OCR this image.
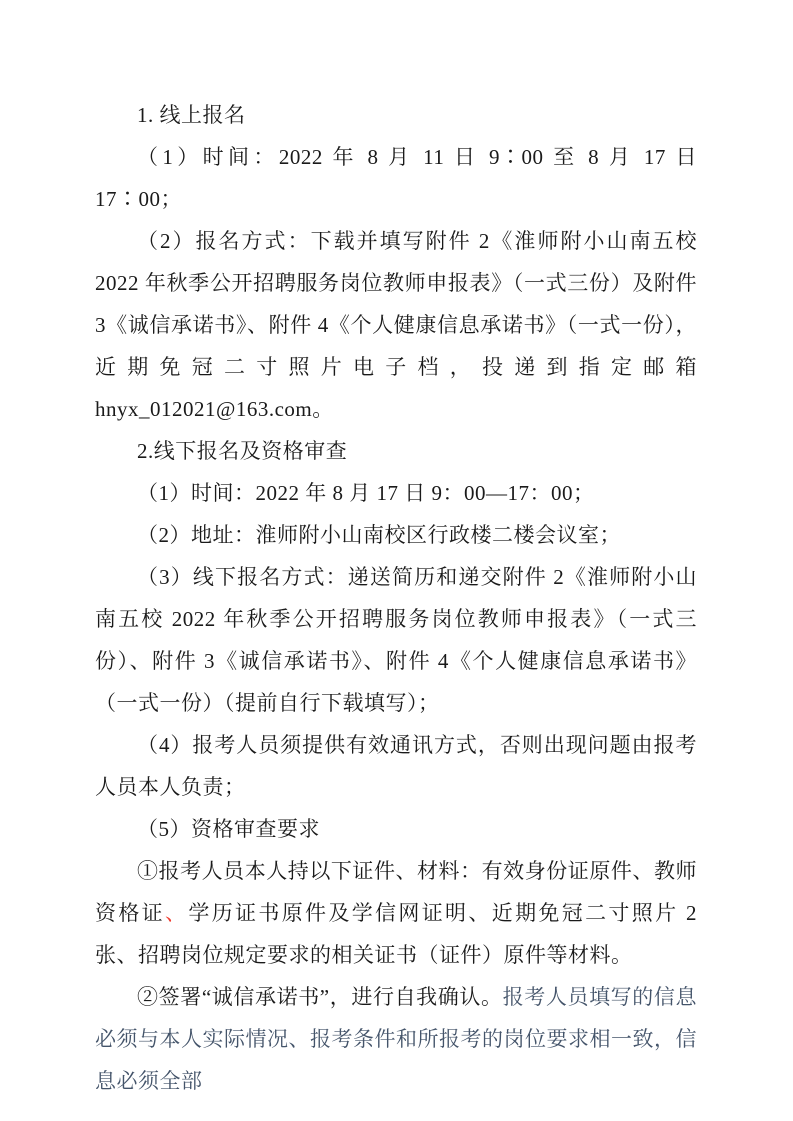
1. 线上报名

（1）时间：2022 年 8 月 11 日 9∶00 至 8 月 17 日 17∶00；

（2）报名方式：下载并填写附件 2《淮师附小山南五校 2022 年秋季公开招聘服务岗位教师申报表》（一式三份）及附件 3《诚信承诺书》、附件 4《个人健康信息承诺书》（一式一份），近期免冠二寸照片电子档，投递到指定邮箱 hnyx_012021@163.com。

2.线下报名及资格审查

（1）时间：2022 年 8 月 17 日 9：00—17：00；

（2）地址：淮师附小山南校区行政楼二楼会议室；

（3）线下报名方式：递送简历和递交附件 2《淮师附小山南五校 2022 年秋季公开招聘服务岗位教师申报表》（一式三份）、附件 3《诚信承诺书》、附件 4《个人健康信息承诺书》（一式一份）（提前自行下载填写）；

（4）报考人员须提供有效通讯方式，否则出现问题由报考人员本人负责；

（5）资格审查要求

①报考人员本人持以下证件、材料：有效身份证原件、教师资格证、学历证书原件及学信网证明、近期免冠二寸照片 2 张、招聘岗位规定要求的相关证书（证件）原件等材料。

②签署“诚信承诺书”，进行自我确认。报考人员填写的信息必须与本人实际情况、报考条件和所报考的岗位要求相一致，信息必须全部
